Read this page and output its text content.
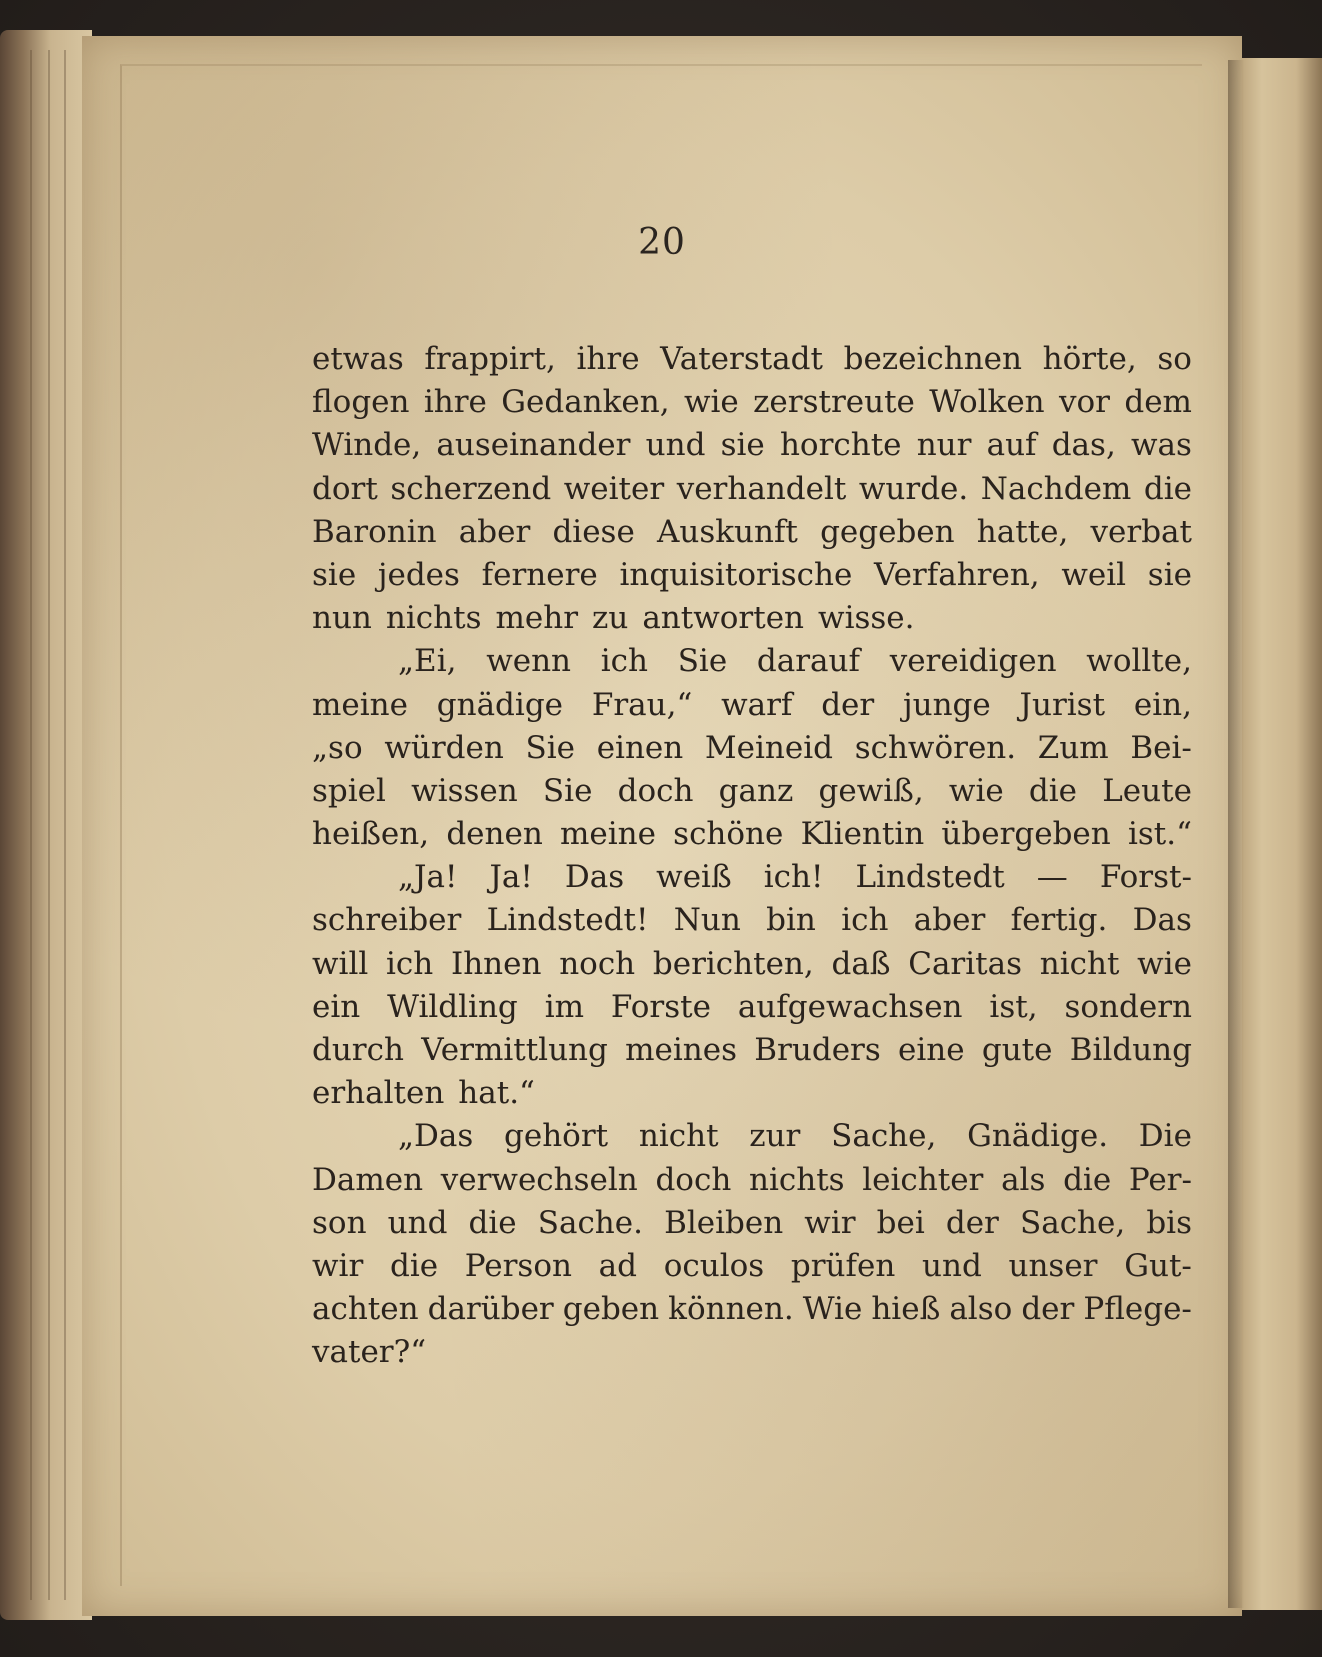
20
etwas frappirt, ihre Vaterstadt bezeichnen hörte, so
flogen ihre Gedanken, wie zerstreute Wolken vor dem
Winde, auseinander und sie horchte nur auf das, was
dort scherzend weiter verhandelt wurde. Nachdem die
Baronin aber diese Auskunft gegeben hatte, verbat
sie jedes fernere inquisitorische Verfahren, weil sie
nun nichts mehr zu antworten wisse.
„Ei, wenn ich Sie darauf vereidigen wollte,
meine gnädige Frau,“ warf der junge Jurist ein,
„so würden Sie einen Meineid schwören. Zum Bei-
spiel wissen Sie doch ganz gewiß, wie die Leute
heißen, denen meine schöne Klientin übergeben ist.“
„Ja! Ja! Das weiß ich! Lindstedt — Forst-
schreiber Lindstedt! Nun bin ich aber fertig. Das
will ich Ihnen noch berichten, daß Caritas nicht wie
ein Wildling im Forste aufgewachsen ist, sondern
durch Vermittlung meines Bruders eine gute Bildung
erhalten hat.“
„Das gehört nicht zur Sache, Gnädige. Die
Damen verwechseln doch nichts leichter als die Per-
son und die Sache. Bleiben wir bei der Sache, bis
wir die Person ad oculos prüfen und unser Gut-
achten darüber geben können. Wie hieß also der Pflege-
vater?“
